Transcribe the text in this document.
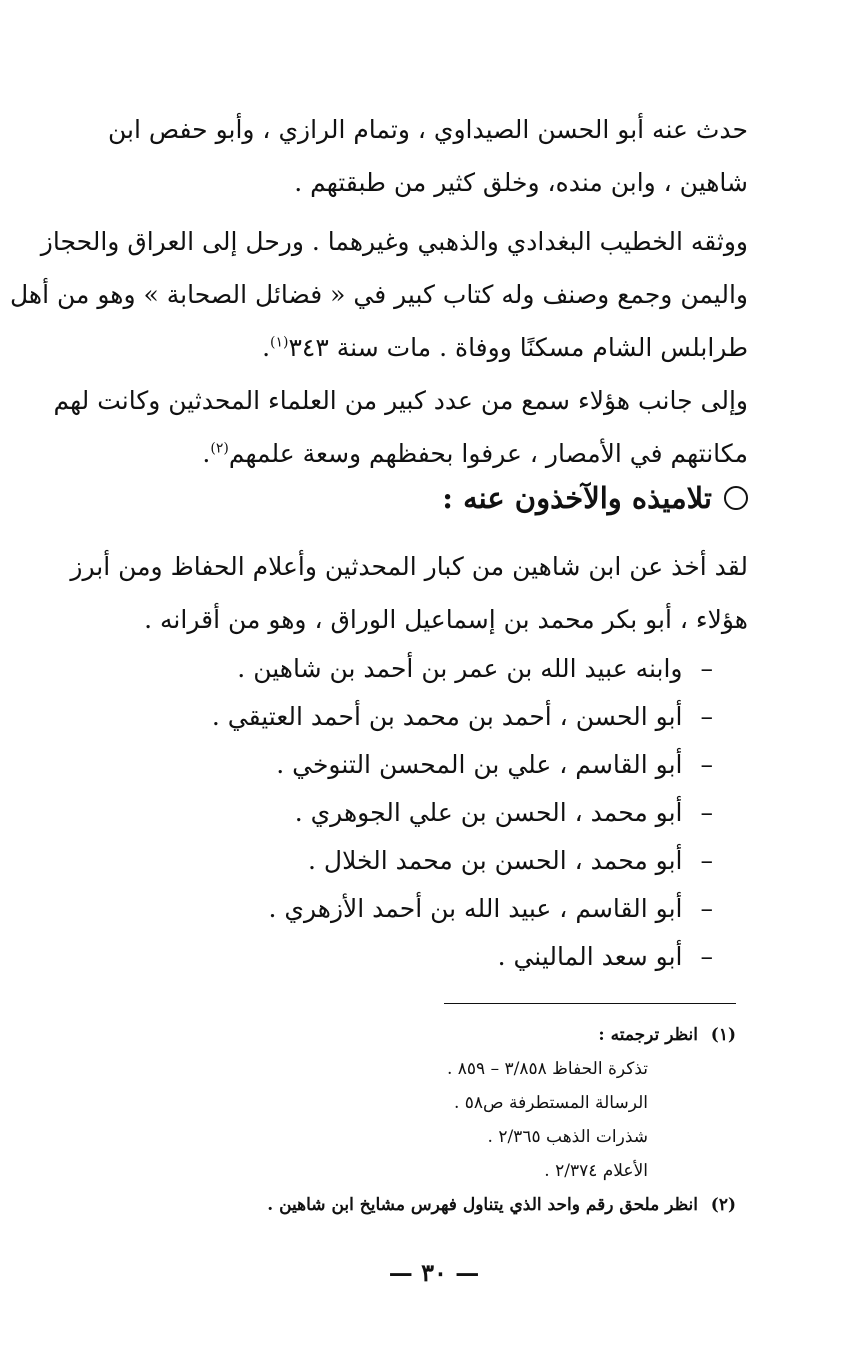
حدث عنه أبو الحسن الصيداوي ، وتمام الرازي ، وأبو حفص ابن
شاهين ، وابن منده، وخلق كثير من طبقتهم .

ووثقه الخطيب البغدادي والذهبي وغيرهما . ورحل إلى العراق والحجاز
واليمن وجمع وصنف وله كتاب كبير في « فضائل الصحابة » وهو من أهل
طرابلس الشام مسكنًا ووفاة . مات سنة ٣٤٣$^{(١)}$.

وإلى جانب هؤلاء سمع من عدد كبير من العلماء المحدثين وكانت لهم
مكانتهم في الأمصار ، عرفوا بحفظهم وسعة علمهم$^{(٢)}$.

تلاميذه والآخذون عنه :

لقد أخذ عن ابن شاهين من كبار المحدثين وأعلام الحفاظ ومن أبرز
هؤلاء ، أبو بكر محمد بن إسماعيل الوراق ، وهو من أقرانه .

–وابنه عبيد الله بن عمر بن أحمد بن شاهين .
–أبو الحسن ، أحمد بن محمد بن أحمد العتيقي .
–أبو القاسم ، علي بن المحسن التنوخي .
–أبو محمد ، الحسن بن علي الجوهري .
–أبو محمد ، الحسن بن محمد الخلال .
–أبو القاسم ، عبيد الله بن أحمد الأزهري .
–أبو سعد الماليني .
(١)انظر ترجمته :
تذكرة الحفاظ ٣/٨٥٨ – ٨٥٩ .
الرسالة المستطرفة ص٥٨ .
شذرات الذهب ٢/٣٦٥ .
الأعلام ٢/٣٧٤ .
(٢)انظر ملحق رقم واحد الذي يتناول فهرس مشايخ ابن شاهين .
— ٣٠ —
